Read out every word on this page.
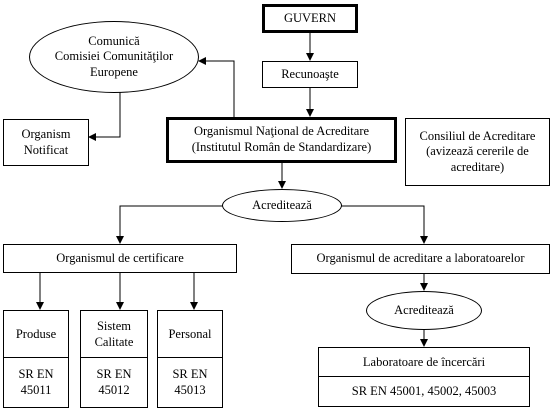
GUVERN
Recunoaşte
Comunică
Comisiei Comunităţilor
Europene
Organism
Notificat
Organismul Naţional de Acreditare
(Institutul Român de Standardizare)
Consiliul de Acreditare
(avizează cererile de
acreditare)
Acreditează
Organismul de certificare	Organismul de acreditare a laboratoarelor
Produse
SR EN
45011
Sistem
Calitate
SR EN
45012
Personal
SR EN
45013
Acreditează
Laboratoare de încercări
SR EN 45001, 45002, 45003
